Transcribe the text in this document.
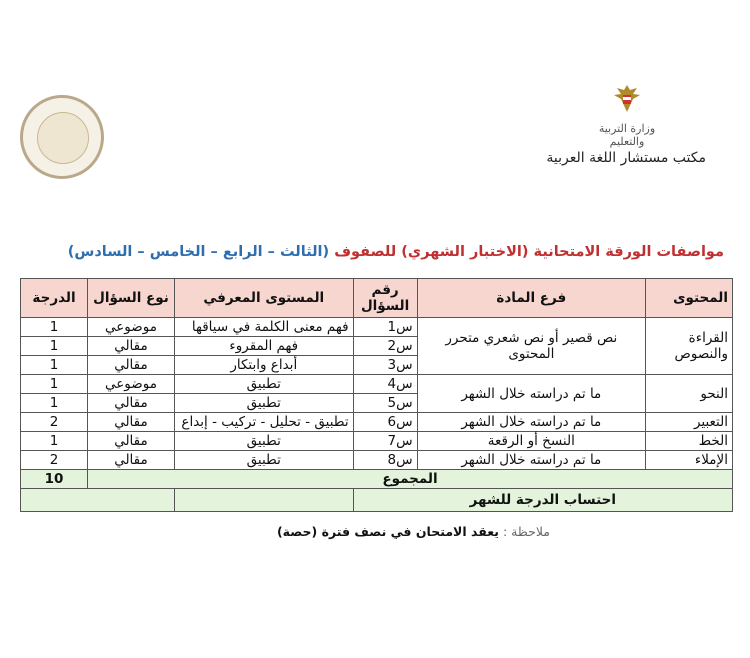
وزارة التربية والتعليم
مكتب مستشار اللغة العربية
مواصفات الورقة الامتحانية (الاختبار الشهري) للصفوف (الثالث – الرابع – الخامس – السادس)
المحتوى	فرع المادة	رقم السؤال	المستوى المعرفي	نوع السؤال	الدرجة
القراءة والنصوص	نص قصير أو نص شعري متحرر المحتوى	س1	فهم معنى الكلمة في سياقها	موضوعي	1
		س2	فهم المقروء	مقالي	1
		س3	أبداع وابتكار	مقالي	1
النحو	ما تم دراسته خلال الشهر	س4	تطبيق	موضوعي	1
		س5	تطبيق	مقالي	1
التعبير	ما تم دراسته خلال الشهر	س6	تطبيق - تحليل - تركيب - إبداع	مقالي	2
الخط	النسخ أو الرقعة	س7	تطبيق	مقالي	1
الإملاء	ما تم دراسته خلال الشهر	س8	تطبيق	مقالي	2
المجموع					10
احتساب الدرجة للشهر					
ملاحظة : يعقد الامتحان في نصف فترة (حصة)
